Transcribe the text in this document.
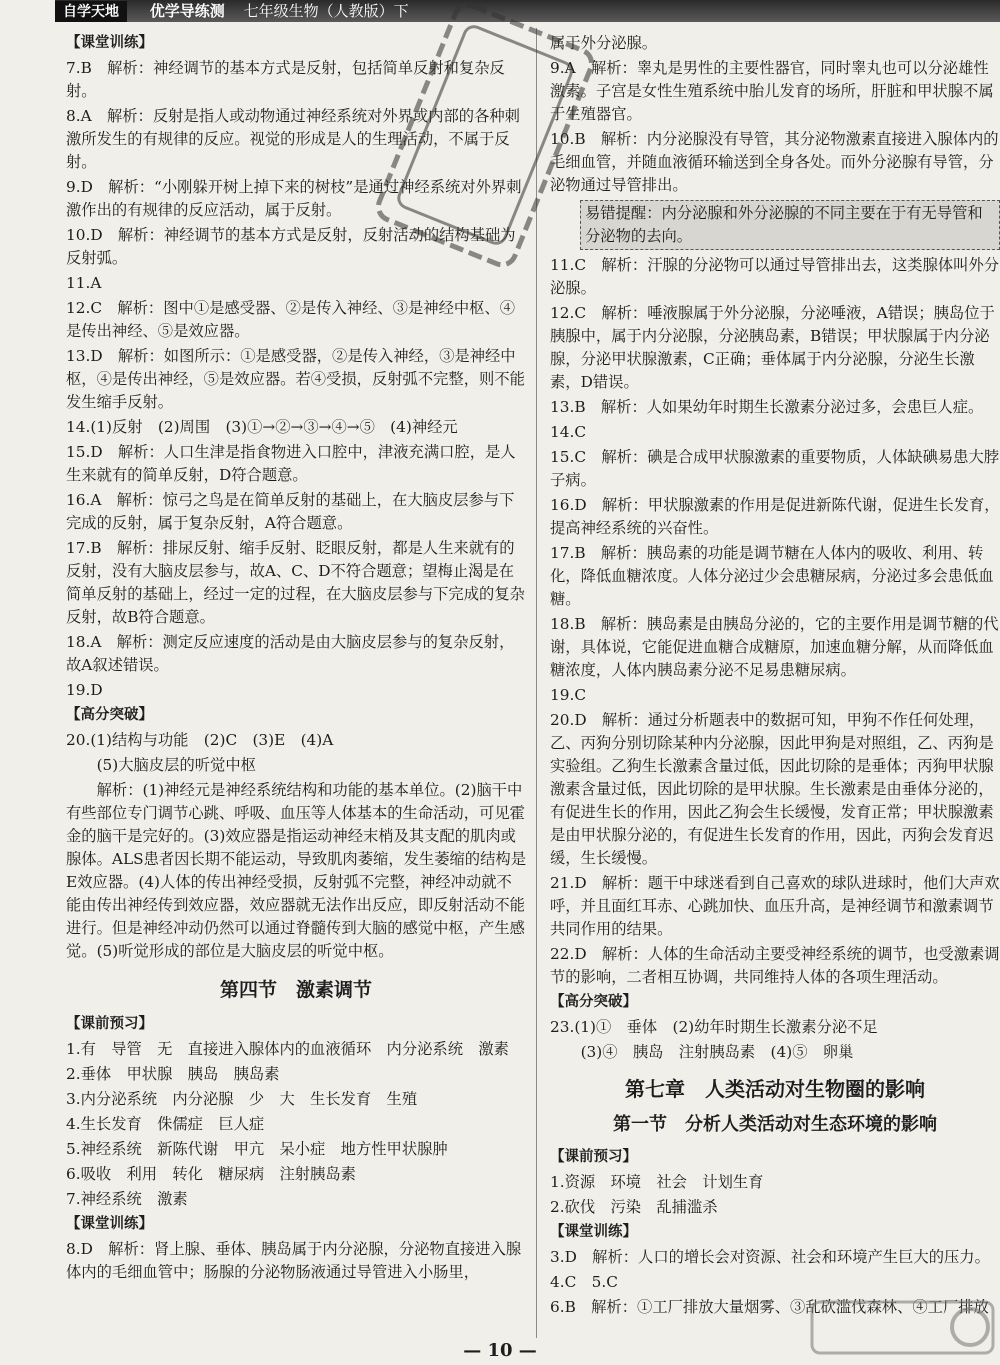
自学天地 优学导练测 七年级生物（人教版）下
【课堂训练】
7.B　解析：神经调节的基本方式是反射，包括简单反射和复杂反射。
8.A　解析：反射是指人或动物通过神经系统对外界或内部的各种刺激所发生的有规律的反应。视觉的形成是人的生理活动，不属于反射。
9.D　解析：“小刚躲开树上掉下来的树枝”是通过神经系统对外界刺激作出的有规律的反应活动，属于反射。
10.D　解析：神经调节的基本方式是反射，反射活动的结构基础为反射弧。
11.A
12.C　解析：图中①是感受器、②是传入神经、③是神经中枢、④是传出神经、⑤是效应器。
13.D　解析：如图所示：①是感受器，②是传入神经，③是神经中枢，④是传出神经，⑤是效应器。若④受损，反射弧不完整，则不能发生缩手反射。
14.(1)反射　(2)周围　(3)①→②→③→④→⑤　(4)神经元
15.D　解析：人口生津是指食物进入口腔中，津液充满口腔，是人生来就有的简单反射，D符合题意。
16.A　解析：惊弓之鸟是在简单反射的基础上，在大脑皮层参与下完成的反射，属于复杂反射，A符合题意。
17.B　解析：排尿反射、缩手反射、眨眼反射，都是人生来就有的反射，没有大脑皮层参与，故A、C、D不符合题意；望梅止渴是在简单反射的基础上，经过一定的过程，在大脑皮层参与下完成的复杂反射，故B符合题意。
18.A　解析：测定反应速度的活动是由大脑皮层参与的复杂反射，故A叙述错误。
19.D
【高分突破】
20.(1)结构与功能　(2)C　(3)E　(4)A
　　(5)大脑皮层的听觉中枢
　　解析：(1)神经元是神经系统结构和功能的基本单位。(2)脑干中有些部位专门调节心跳、呼吸、血压等人体基本的生命活动，可见霍金的脑干是完好的。(3)效应器是指运动神经末梢及其支配的肌肉或腺体。ALS患者因长期不能运动，导致肌肉萎缩，发生萎缩的结构是E效应器。(4)人体的传出神经受损，反射弧不完整，神经冲动就不能由传出神经传到效应器，效应器就无法作出反应，即反射活动不能进行。但是神经冲动仍然可以通过脊髓传到大脑的感觉中枢，产生感觉。(5)听觉形成的部位是大脑皮层的听觉中枢。
第四节　激素调节
【课前预习】
1.有　导管　无　直接进入腺体内的血液循环　内分泌系统　激素
2.垂体　甲状腺　胰岛　胰岛素
3.内分泌系统　内分泌腺　少　大　生长发育　生殖
4.生长发育　侏儒症　巨人症
5.神经系统　新陈代谢　甲亢　呆小症　地方性甲状腺肿
6.吸收　利用　转化　糖尿病　注射胰岛素
7.神经系统　激素
【课堂训练】
8.D　解析：肾上腺、垂体、胰岛属于内分泌腺，分泌物直接进入腺体内的毛细血管中；肠腺的分泌物肠液通过导管进入小肠里，
属于外分泌腺。
9.A　解析：睾丸是男性的主要性器官，同时睾丸也可以分泌雄性激素。子宫是女性生殖系统中胎儿发育的场所，肝脏和甲状腺不属于生殖器官。
10.B　解析：内分泌腺没有导管，其分泌物激素直接进入腺体内的毛细血管，并随血液循环输送到全身各处。而外分泌腺有导管，分泌物通过导管排出。
易错提醒：内分泌腺和外分泌腺的不同主要在于有无导管和分泌物的去向。
11.C　解析：汗腺的分泌物可以通过导管排出去，这类腺体叫外分泌腺。
12.C　解析：唾液腺属于外分泌腺，分泌唾液，A错误；胰岛位于胰腺中，属于内分泌腺，分泌胰岛素，B错误；甲状腺属于内分泌腺，分泌甲状腺激素，C正确；垂体属于内分泌腺，分泌生长激素，D错误。
13.B　解析：人如果幼年时期生长激素分泌过多，会患巨人症。
14.C
15.C　解析：碘是合成甲状腺激素的重要物质，人体缺碘易患大脖子病。
16.D　解析：甲状腺激素的作用是促进新陈代谢，促进生长发育，提高神经系统的兴奋性。
17.B　解析：胰岛素的功能是调节糖在人体内的吸收、利用、转化，降低血糖浓度。人体分泌过少会患糖尿病，分泌过多会患低血糖。
18.B　解析：胰岛素是由胰岛分泌的，它的主要作用是调节糖的代谢，具体说，它能促进血糖合成糖原，加速血糖分解，从而降低血糖浓度，人体内胰岛素分泌不足易患糖尿病。
19.C
20.D　解析：通过分析题表中的数据可知，甲狗不作任何处理，乙、丙狗分别切除某种内分泌腺，因此甲狗是对照组，乙、丙狗是实验组。乙狗生长激素含量过低，因此切除的是垂体；丙狗甲状腺激素含量过低，因此切除的是甲状腺。生长激素是由垂体分泌的，有促进生长的作用，因此乙狗会生长缓慢，发育正常；甲状腺激素是由甲状腺分泌的，有促进生长发育的作用，因此，丙狗会发育迟缓，生长缓慢。
21.D　解析：题干中球迷看到自己喜欢的球队进球时，他们大声欢呼，并且面红耳赤、心跳加快、血压升高，是神经调节和激素调节共同作用的结果。
22.D　解析：人体的生命活动主要受神经系统的调节，也受激素调节的影响，二者相互协调，共同维持人体的各项生理活动。
【高分突破】
23.(1)①　垂体　(2)幼年时期生长激素分泌不足
　　(3)④　胰岛　注射胰岛素　(4)⑤　卵巢
第七章　人类活动对生物圈的影响
第一节　分析人类活动对生态环境的影响
【课前预习】
1.资源　环境　社会　计划生育
2.砍伐　污染　乱捕滥杀
【课堂训练】
3.D　解析：人口的增长会对资源、社会和环境产生巨大的压力。
4.C　5.C
6.B　解析：①工厂排放大量烟雾、③乱砍滥伐森林、④工厂排放
— 10 —
